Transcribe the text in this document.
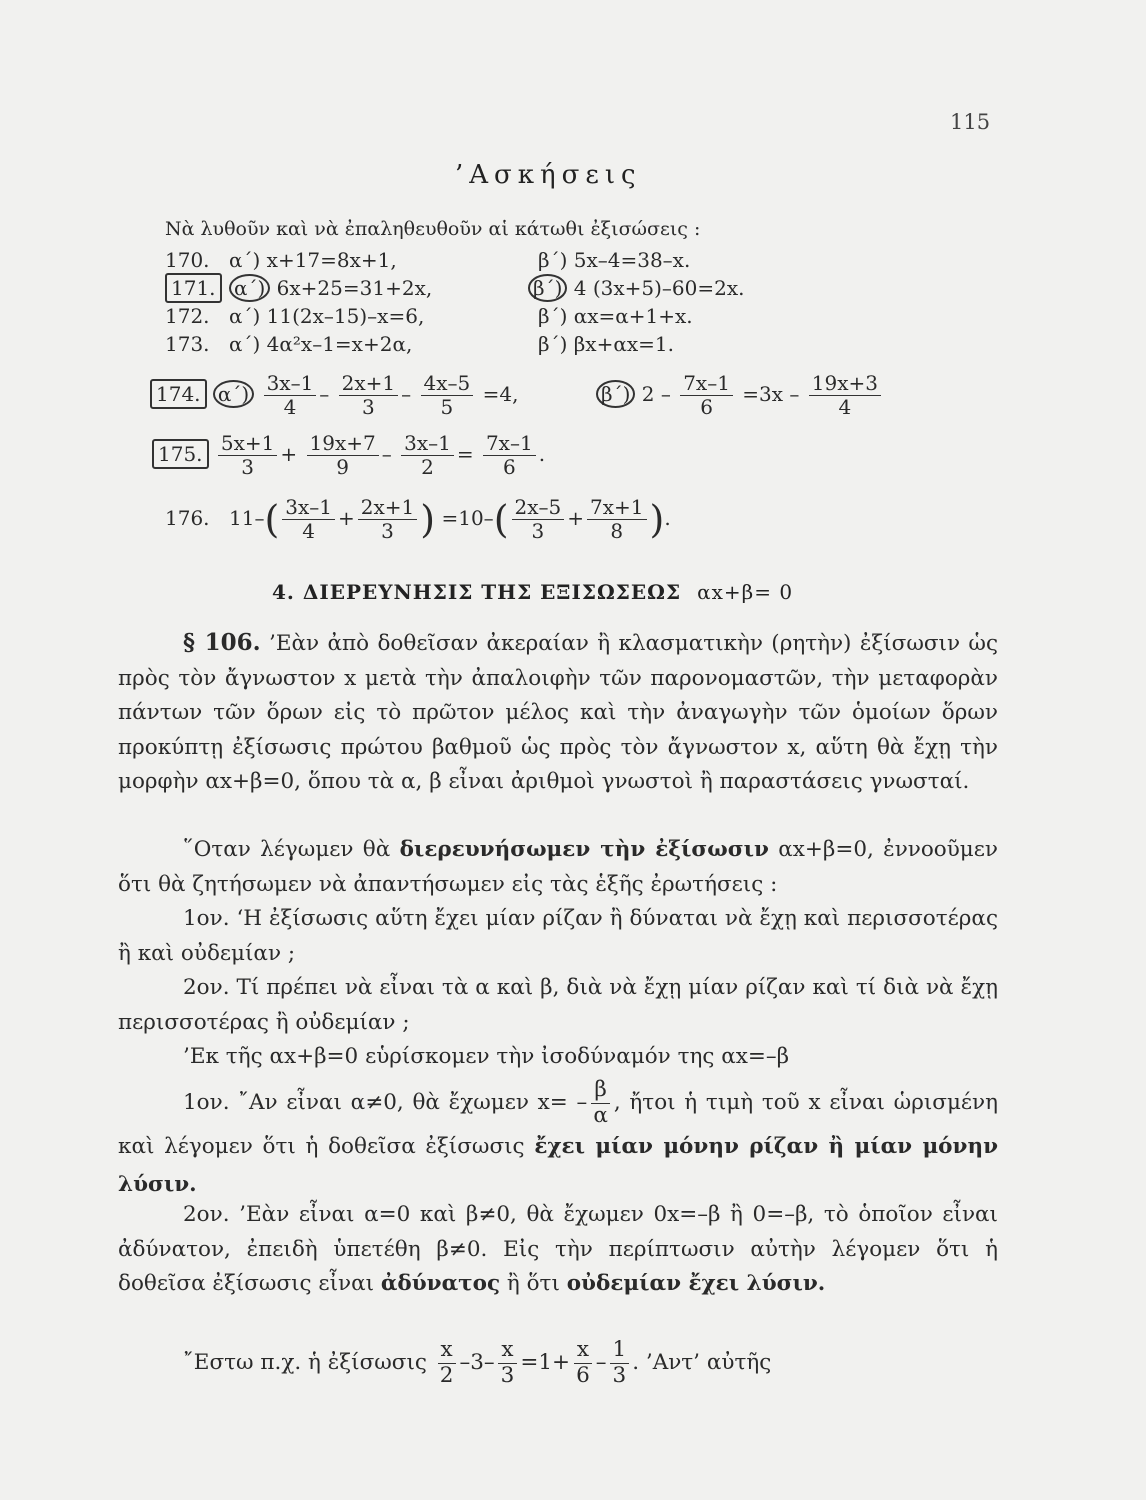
115
’Ασκήσεις
Νὰ λυθοῦν καὶ νὰ ἐπαληθευθοῦν αἱ κάτωθι ἐξισώσεις :
170. α΄) x+17=8x+1,	β΄) 5x–4=38–x.
171. α΄) 6x+25=31+2x,	β΄) 4 (3x+5)–60=2x.
172. α΄) 11(2x–15)–x=6,	β΄) αx=α+1+x.
173. α΄) 4α²x–1=x+2α,	β΄) βx+αx=1.
174. $\alpha΄) \frac{3x-1}{4} - \frac{2x+1}{3} - \frac{4x-5}{5} =4$,	β΄) $2 - \frac{7x-1}{6} =3x - \frac{19x+3}{4}$
175. $\frac{5x+1}{3} + \frac{19x+7}{9} - \frac{3x-1}{2} = \frac{7x-1}{6}$ .
176. $11-( \frac{3x-1}{4} + \frac{2x+1}{3}$ ) $=10-( \frac{2x-5}{3} + \frac{7x+1}{8}$ ).
4. ΔΙΕΡΕΥΝΗΣΙΣ ΤΗΣ ΕΞΙΣΩΣΕΩΣ αx+β= 0
§ 106. ’Εὰν ἀπὸ δοθεῖσαν ἀκεραίαν ἢ κλασματικὴν (ρητὴν) ἐξίσωσιν ὡς πρὸς τὸν ἄγνωστον x μετὰ τὴν ἀπαλοιφὴν τῶν παρονομαστῶν, τὴν μεταφορὰν πάντων τῶν ὅρων εἰς τὸ πρῶτον μέλος καὶ τὴν ἀναγωγὴν τῶν ὁμοίων ὅρων προκύπτῃ ἐξίσωσις πρώτου βαθμοῦ ὡς πρὸς τὸν ἄγνωστον x, αὕτη θὰ ἔχῃ τὴν μορφὴν αx+β=0, ὅπου τὰ α, β εἶναι ἀριθμοὶ γνωστοὶ ἢ παραστάσεις γνωσταί.
῞Οταν λέγωμεν θὰ διερευνήσωμεν τὴν ἐξίσωσιν αx+β=0, ἐννοοῦμεν ὅτι θὰ ζητήσωμεν νὰ ἀπαντήσωμεν εἰς τὰς ἑξῆς ἐρωτήσεις :
1ον. ‘Η ἐξίσωσις αὕτη ἔχει μίαν ρίζαν ἢ δύναται νὰ ἔχῃ καὶ περισσοτέρας ἢ καὶ οὐδεμίαν ;
2ον. Τί πρέπει νὰ εἶναι τὰ α καὶ β, διὰ νὰ ἔχῃ μίαν ρίζαν καὶ τί διὰ νὰ ἔχῃ περισσοτέρας ἢ οὐδεμίαν ;
’Εκ τῆς αx+β=0 εὑρίσκομεν τὴν ἰσοδύναμόν της αx=–β
1ον. ῎Αν εἶναι α≠0, θὰ ἔχωμεν $x= - \frac{\beta}{\alpha}$ , ἤτοι ἡ τιμὴ τοῦ x εἶναι ὡρισμένη καὶ λέγομεν ὅτι ἡ δοθεῖσα ἐξίσωσις ἔχει μίαν μόνην ρίζαν ἢ μίαν μόνην λύσιν.
2ον. ’Εὰν εἶναι α=0 καὶ β≠0, θὰ ἔχωμεν 0x=–β ἢ 0=–β, τὸ ὁποῖον εἶναι ἀδύνατον, ἐπειδὴ ὑπετέθη β≠0. Εἰς τὴν περίπτωσιν αὐτὴν λέγομεν ὅτι ἡ δοθεῖσα ἐξίσωσις εἶναι ἀδύνατος ἢ ὅτι οὐδεμίαν ἔχει λύσιν.
῎Εστω π.χ. ἡ ἐξίσωσις $\frac{x}{2} -3- \frac{x}{3} =1+ \frac{x}{6} - \frac{1}{3}$ . ’Αντ’ αὐτῆς
